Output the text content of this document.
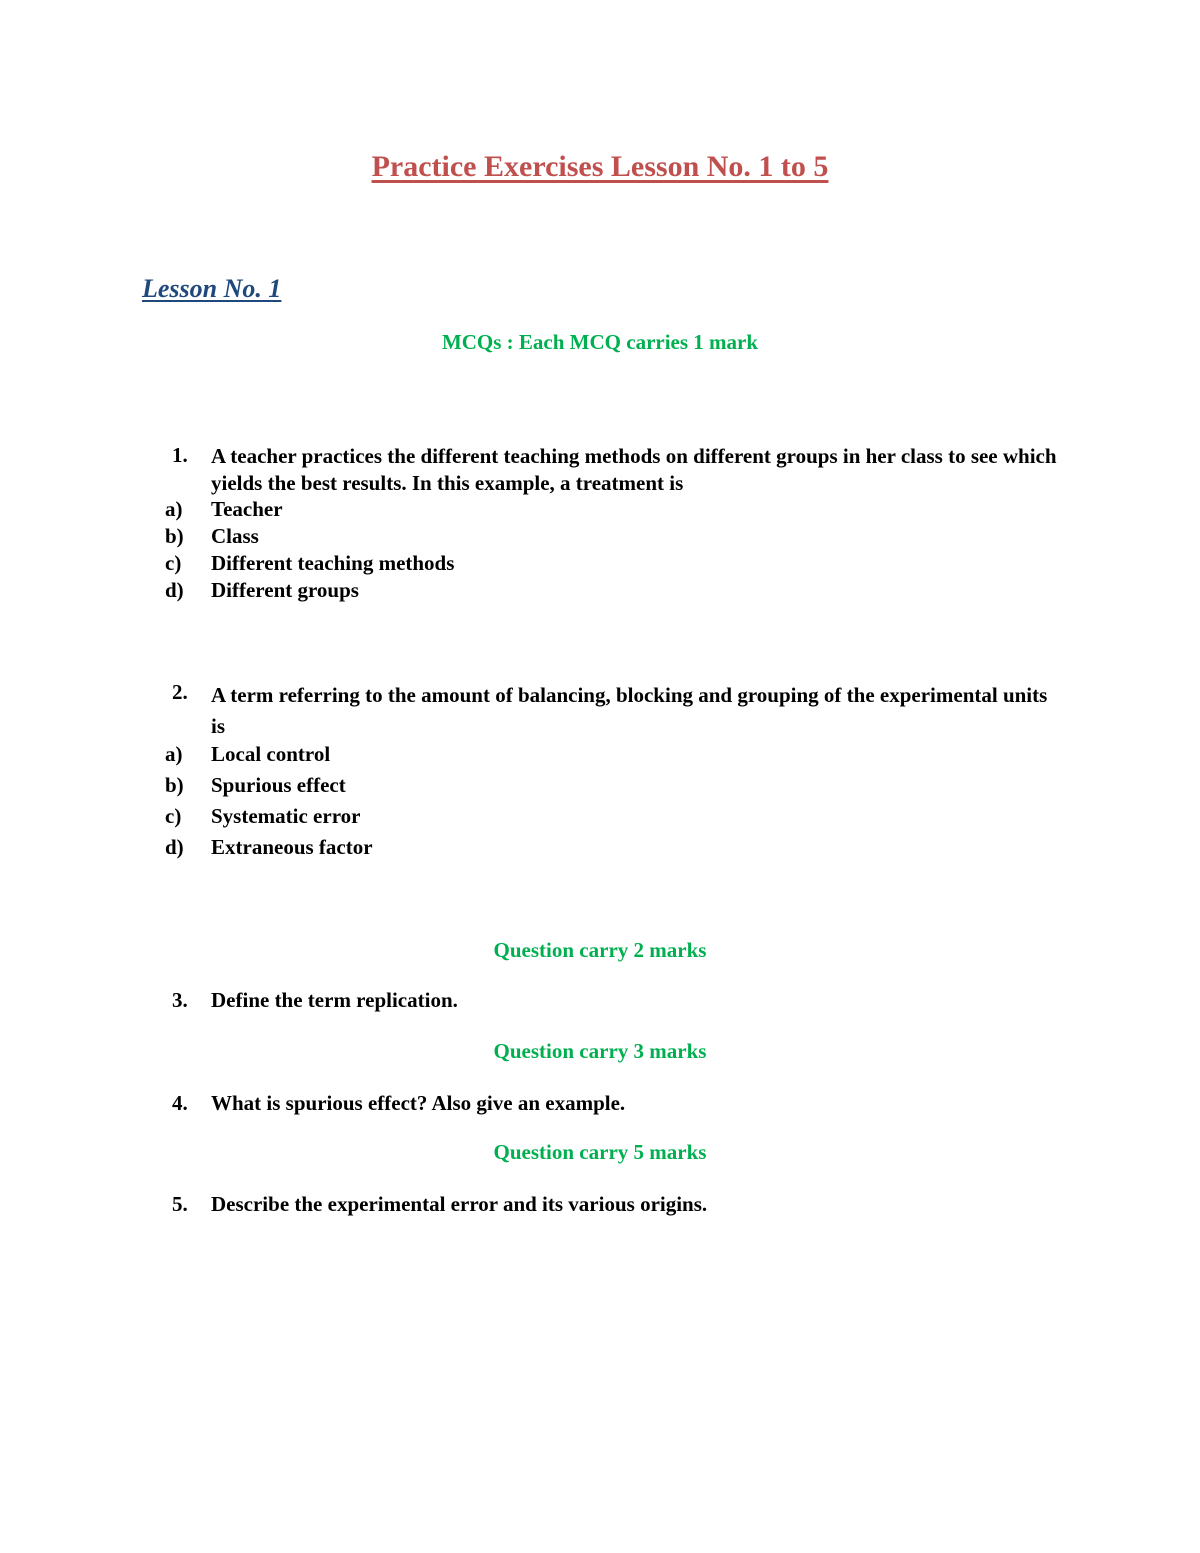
Practice Exercises Lesson No. 1 to 5
Lesson No. 1
MCQs : Each MCQ carries 1 mark
1. A teacher practices the different teaching methods on different groups in her class to see which yields the best results. In this example, a treatment is
a) Teacher
b) Class
c) Different teaching methods
d) Different groups
2. A term referring to the amount of balancing, blocking and grouping of the experimental units is
a) Local control
b) Spurious effect
c) Systematic error
d) Extraneous factor
Question carry 2 marks
3. Define the term replication.
Question carry 3 marks
4. What is spurious effect? Also give an example.
Question carry 5 marks
5. Describe the experimental error and its various origins.
